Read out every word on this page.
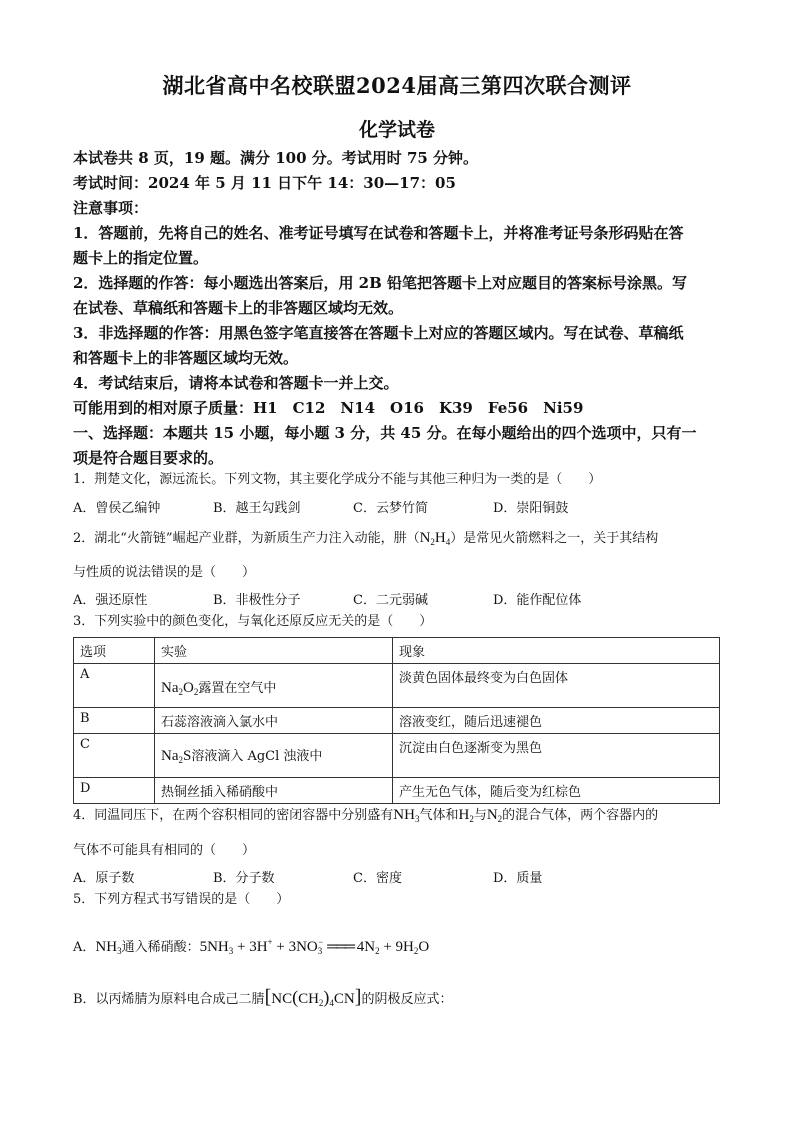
湖北省高中名校联盟2024届高三第四次联合测评
化学试卷
本试卷共 8 页，19 题。满分 100 分。考试用时 75 分钟。
考试时间：2024 年 5 月 11 日下午 14：30—17：05
注意事项：
1．答题前，先将自己的姓名、准考证号填写在试卷和答题卡上，并将准考证号条形码贴在答
题卡上的指定位置。
2．选择题的作答：每小题选出答案后，用 2B 铅笔把答题卡上对应题目的答案标号涂黑。写
在试卷、草稿纸和答题卡上的非答题区域均无效。
3．非选择题的作答：用黑色签字笔直接答在答题卡上对应的答题区域内。写在试卷、草稿纸
和答题卡上的非答题区域均无效。
4．考试结束后，请将本试卷和答题卡一并上交。
可能用到的相对原子质量：H1　C12　N14　O16　K39　Fe56　Ni59
一、选择题：本题共 15 小题，每小题 3 分，共 45 分。在每小题给出的四个选项中，只有一
项是符合题目要求的。
1．荆楚文化，源远流长。下列文物，其主要化学成分不能与其他三种归为一类的是（　　）
A．曾侯乙编钟	B．越王勾践剑	C．云梦竹简	D．崇阳铜鼓
2．湖北“火箭链”崛起产业群，为新质生产力注入动能，肼$(N_2H_4)$是常见火箭燃料之一，关于其结构
与性质的说法错误的是（　　）
A．强还原性	B．非极性分子	C．二元弱碱	D．能作配位体
3．下列实验中的颜色变化，与氧化还原反应无关的是（　　）
选项	实验	现象
A	$Na_2O_2$露置在空气中	淡黄色固体最终变为白色固体
B	石蕊溶液滴入氯水中	溶液变红，随后迅速褪色
C	$Na_2S$溶液滴入 AgCl 浊液中	沉淀由白色逐渐变为黑色
D	热铜丝插入稀硝酸中	产生无色气体，随后变为红棕色
4．同温同压下，在两个容积相同的密闭容器中分别盛有$NH_3$气体和$H_2$与$N_2$的混合气体，两个容器内的
气体不可能具有相同的（　　）
A．原子数	B．分子数	C．密度	D．质量
5．下列方程式书写错误的是（　　）
A．$NH_3$通入稀硝酸：$5NH_3 + 3H^+ + 3NO_3^-$ ═══ $4N_2 + 9H_2O$
B．以丙烯腈为原料电合成己二腈$[NC(CH_2)_4CN]$的阴极反应式：
